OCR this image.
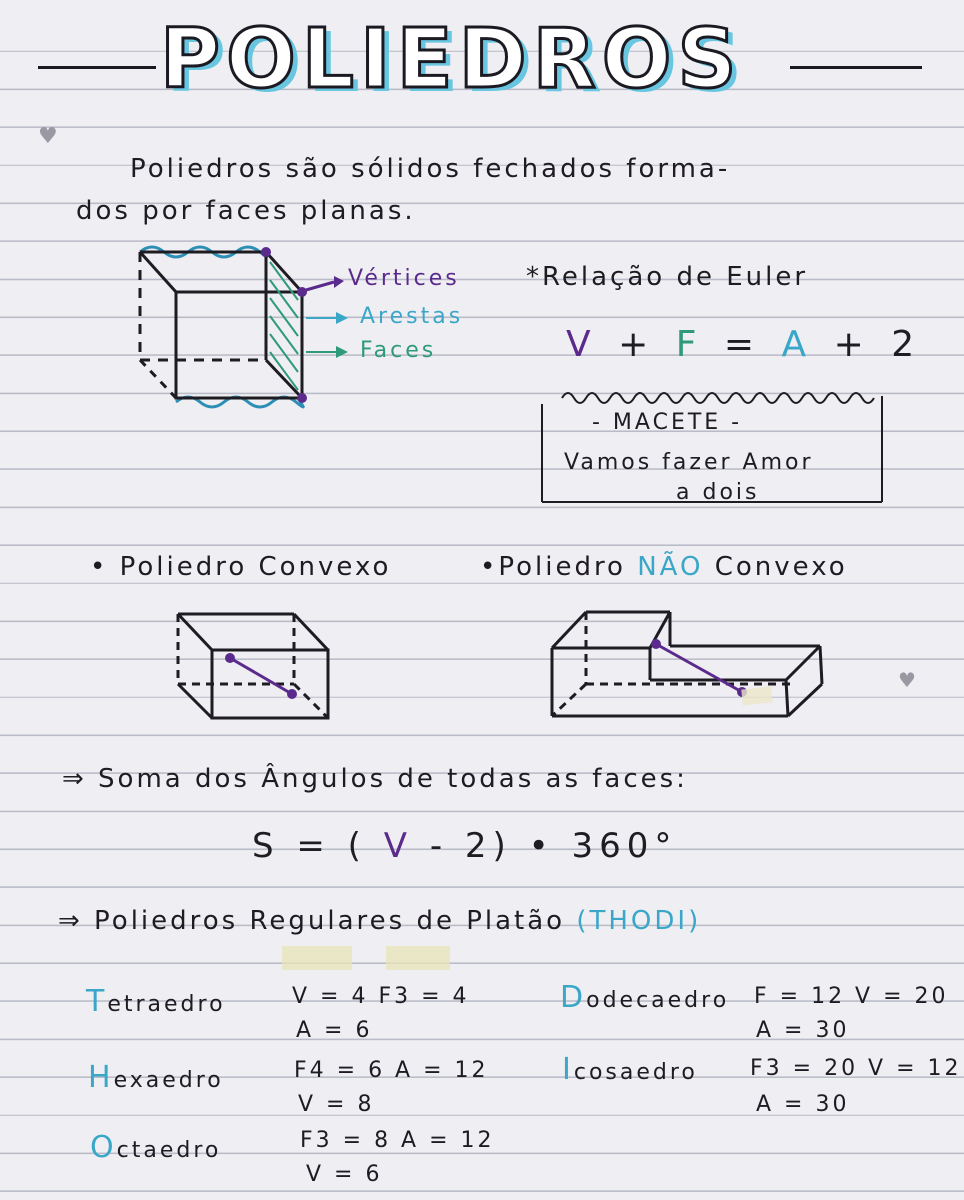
POLIEDROS
♥
♥
Poliedros são sólidos fechados forma-
dos por faces planas.
Vértices
Arestas
Faces
*Relação de Euler
V + F = A + 2
- MACETE -
Vamos fazer Amor
a dois
• Poliedro Convexo	•Poliedro NÃO Convexo
⇒ Soma dos Ângulos de todas as faces:
S = ( V - 2) • 360°
⇒ Poliedros Regulares de Platão (THODI)
Tetraedro	V = 4 F3 = 4
A = 6
Hexaedro	F4 = 6 A = 12
V = 8
Octaedro	F3 = 8 A = 12
V = 6
Dodecaedro F = 12 V = 20
A = 30
Icosaedro F3 = 20 V = 12
A = 30
